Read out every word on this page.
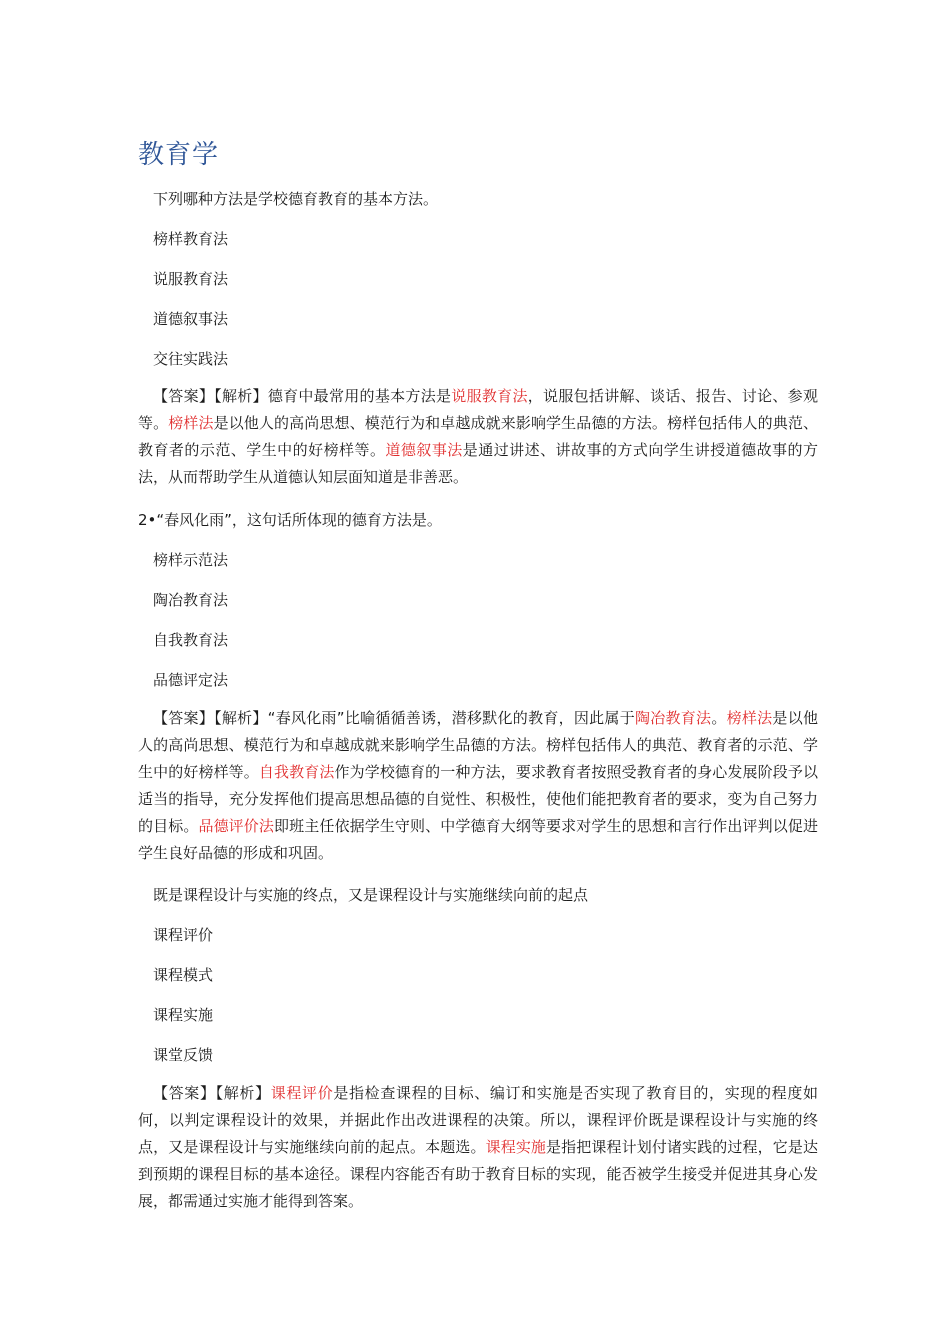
教育学
下列哪种方法是学校德育教育的基本方法。
榜样教育法
说服教育法
道德叙事法
交往实践法
【答案】【解析】德育中最常用的基本方法是说服教育法，说服包括讲解、谈话、报告、讨论、参观等。榜样法是以他人的高尚思想、模范行为和卓越成就来影响学生品德的方法。榜样包括伟人的典范、教育者的示范、学生中的好榜样等。道德叙事法是通过讲述、讲故事的方式向学生讲授道德故事的方法，从而帮助学生从道德认知层面知道是非善恶。
2•“春风化雨”，这句话所体现的德育方法是。
榜样示范法
陶冶教育法
自我教育法
品德评定法
【答案】【解析】“春风化雨”比喻循循善诱，潜移默化的教育，因此属于陶冶教育法。榜样法是以他人的高尚思想、模范行为和卓越成就来影响学生品德的方法。榜样包括伟人的典范、教育者的示范、学生中的好榜样等。自我教育法作为学校德育的一种方法，要求教育者按照受教育者的身心发展阶段予以适当的指导，充分发挥他们提高思想品德的自觉性、积极性，使他们能把教育者的要求，变为自己努力的目标。品德评价法即班主任依据学生守则、中学德育大纲等要求对学生的思想和言行作出评判以促进学生良好品德的形成和巩固。
既是课程设计与实施的终点，又是课程设计与实施继续向前的起点
课程评价
课程模式
课程实施
课堂反馈
【答案】【解析】课程评价是指检查课程的目标、编订和实施是否实现了教育目的，实现的程度如何，以判定课程设计的效果，并据此作出改进课程的决策。所以，课程评价既是课程设计与实施的终点，又是课程设计与实施继续向前的起点。本题选。课程实施是指把课程计划付诸实践的过程，它是达到预期的课程目标的基本途径。课程内容能否有助于教育目标的实现，能否被学生接受并促进其身心发展，都需通过实施才能得到答案。
